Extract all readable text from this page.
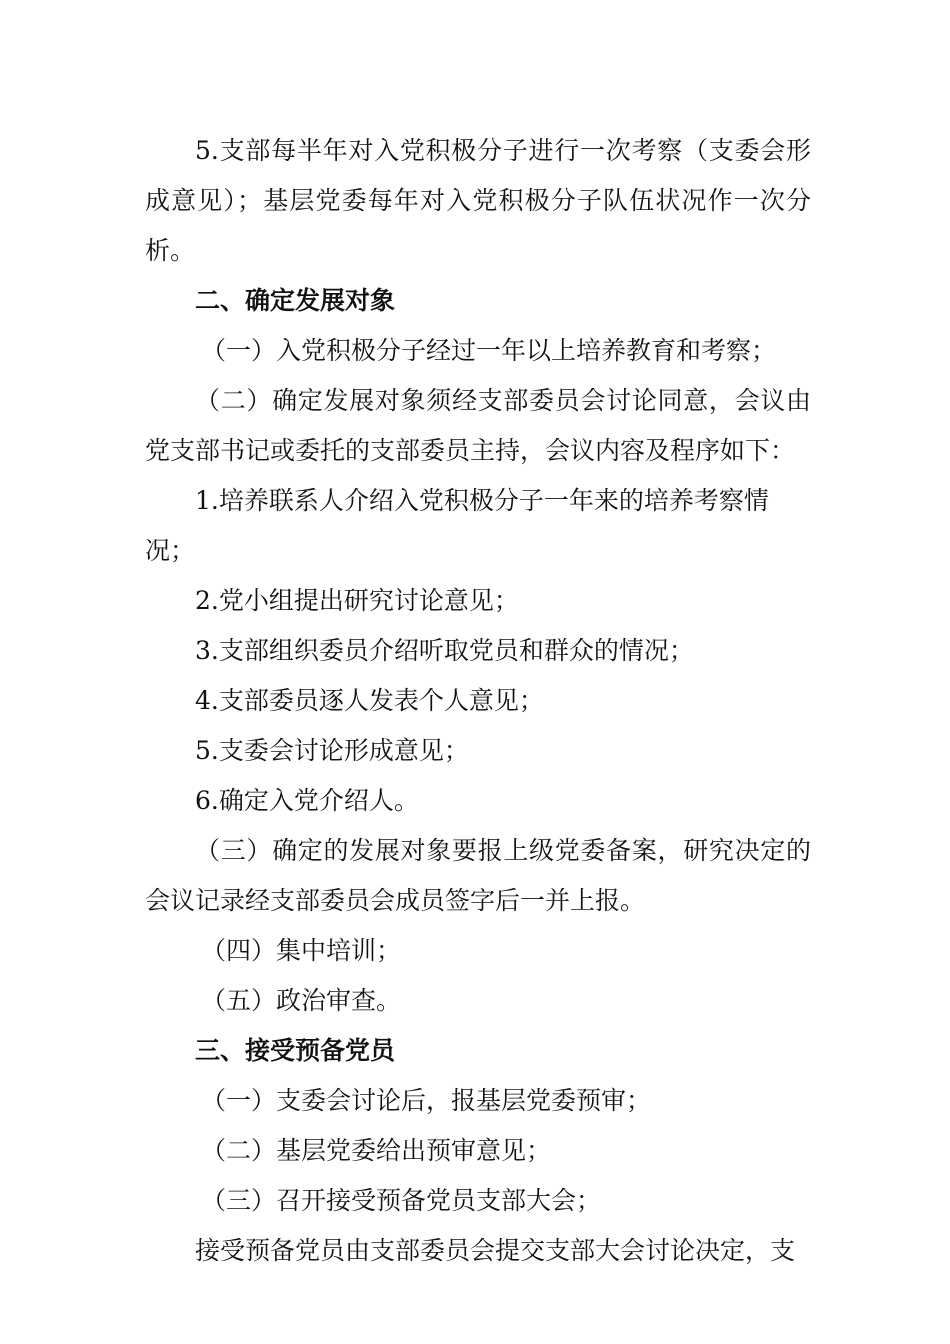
5.支部每半年对入党积极分子进行一次考察（支委会形成意见）；基层党委每年对入党积极分子队伍状况作一次分析。

二、确定发展对象

（一）入党积极分子经过一年以上培养教育和考察；

（二）确定发展对象须经支部委员会讨论同意，会议由党支部书记或委托的支部委员主持，会议内容及程序如下：

1.培养联系人介绍入党积极分子一年来的培养考察情况；

2.党小组提出研究讨论意见；

3.支部组织委员介绍听取党员和群众的情况；

4.支部委员逐人发表个人意见；

5.支委会讨论形成意见；

6.确定入党介绍人。

（三）确定的发展对象要报上级党委备案，研究决定的会议记录经支部委员会成员签字后一并上报。

（四）集中培训；

（五）政治审查。

三、接受预备党员

（一）支委会讨论后，报基层党委预审；

（二）基层党委给出预审意见；

（三）召开接受预备党员支部大会；

接受预备党员由支部委员会提交支部大会讨论决定，支
